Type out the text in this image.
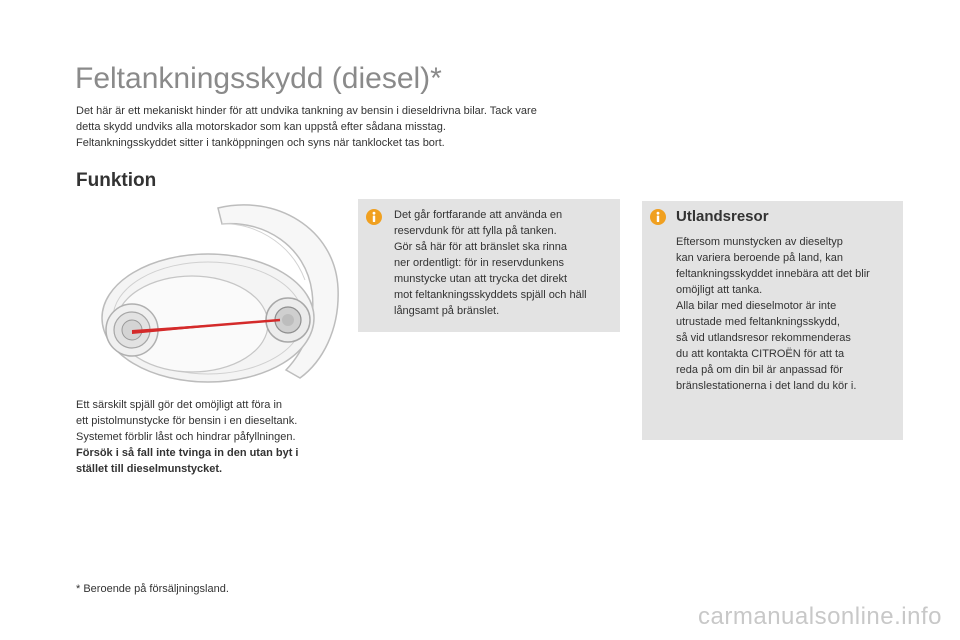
Feltankningsskydd (diesel)*

Det här är ett mekaniskt hinder för att undvika tankning av bensin i dieseldrivna bilar. Tack vare

detta skydd undviks alla motorskador som kan uppstå efter sådana misstag.

Feltankningsskyddet sitter i tanköppningen och syns när tanklocket tas bort.

Funktion

Ett särskilt spjäll gör det omöjligt att föra in

ett pistolmunstycke för bensin i en dieseltank.

Systemet förblir låst och hindrar påfyllningen.

Försök i så fall inte tvinga in den utan byt i

stället till dieselmunstycket.

Det går fortfarande att använda en

reservdunk för att fylla på tanken.

Gör så här för att bränslet ska rinna

ner ordentligt: för in reservdunkens

munstycke utan att trycka det direkt

mot feltankningsskyddets spjäll och häll

långsamt på bränslet.

Utlandsresor

Eftersom munstycken av dieseltyp

kan variera beroende på land, kan

feltankningsskyddet innebära att det blir

omöjligt att tanka.

Alla bilar med dieselmotor är inte

utrustade med feltankningsskydd,

så vid utlandsresor rekommenderas

du att kontakta CITROËN för att ta

reda på om din bil är anpassad för

bränslestationerna i det land du kör i.

* Beroende på försäljningsland.
carmanualsonline.info
